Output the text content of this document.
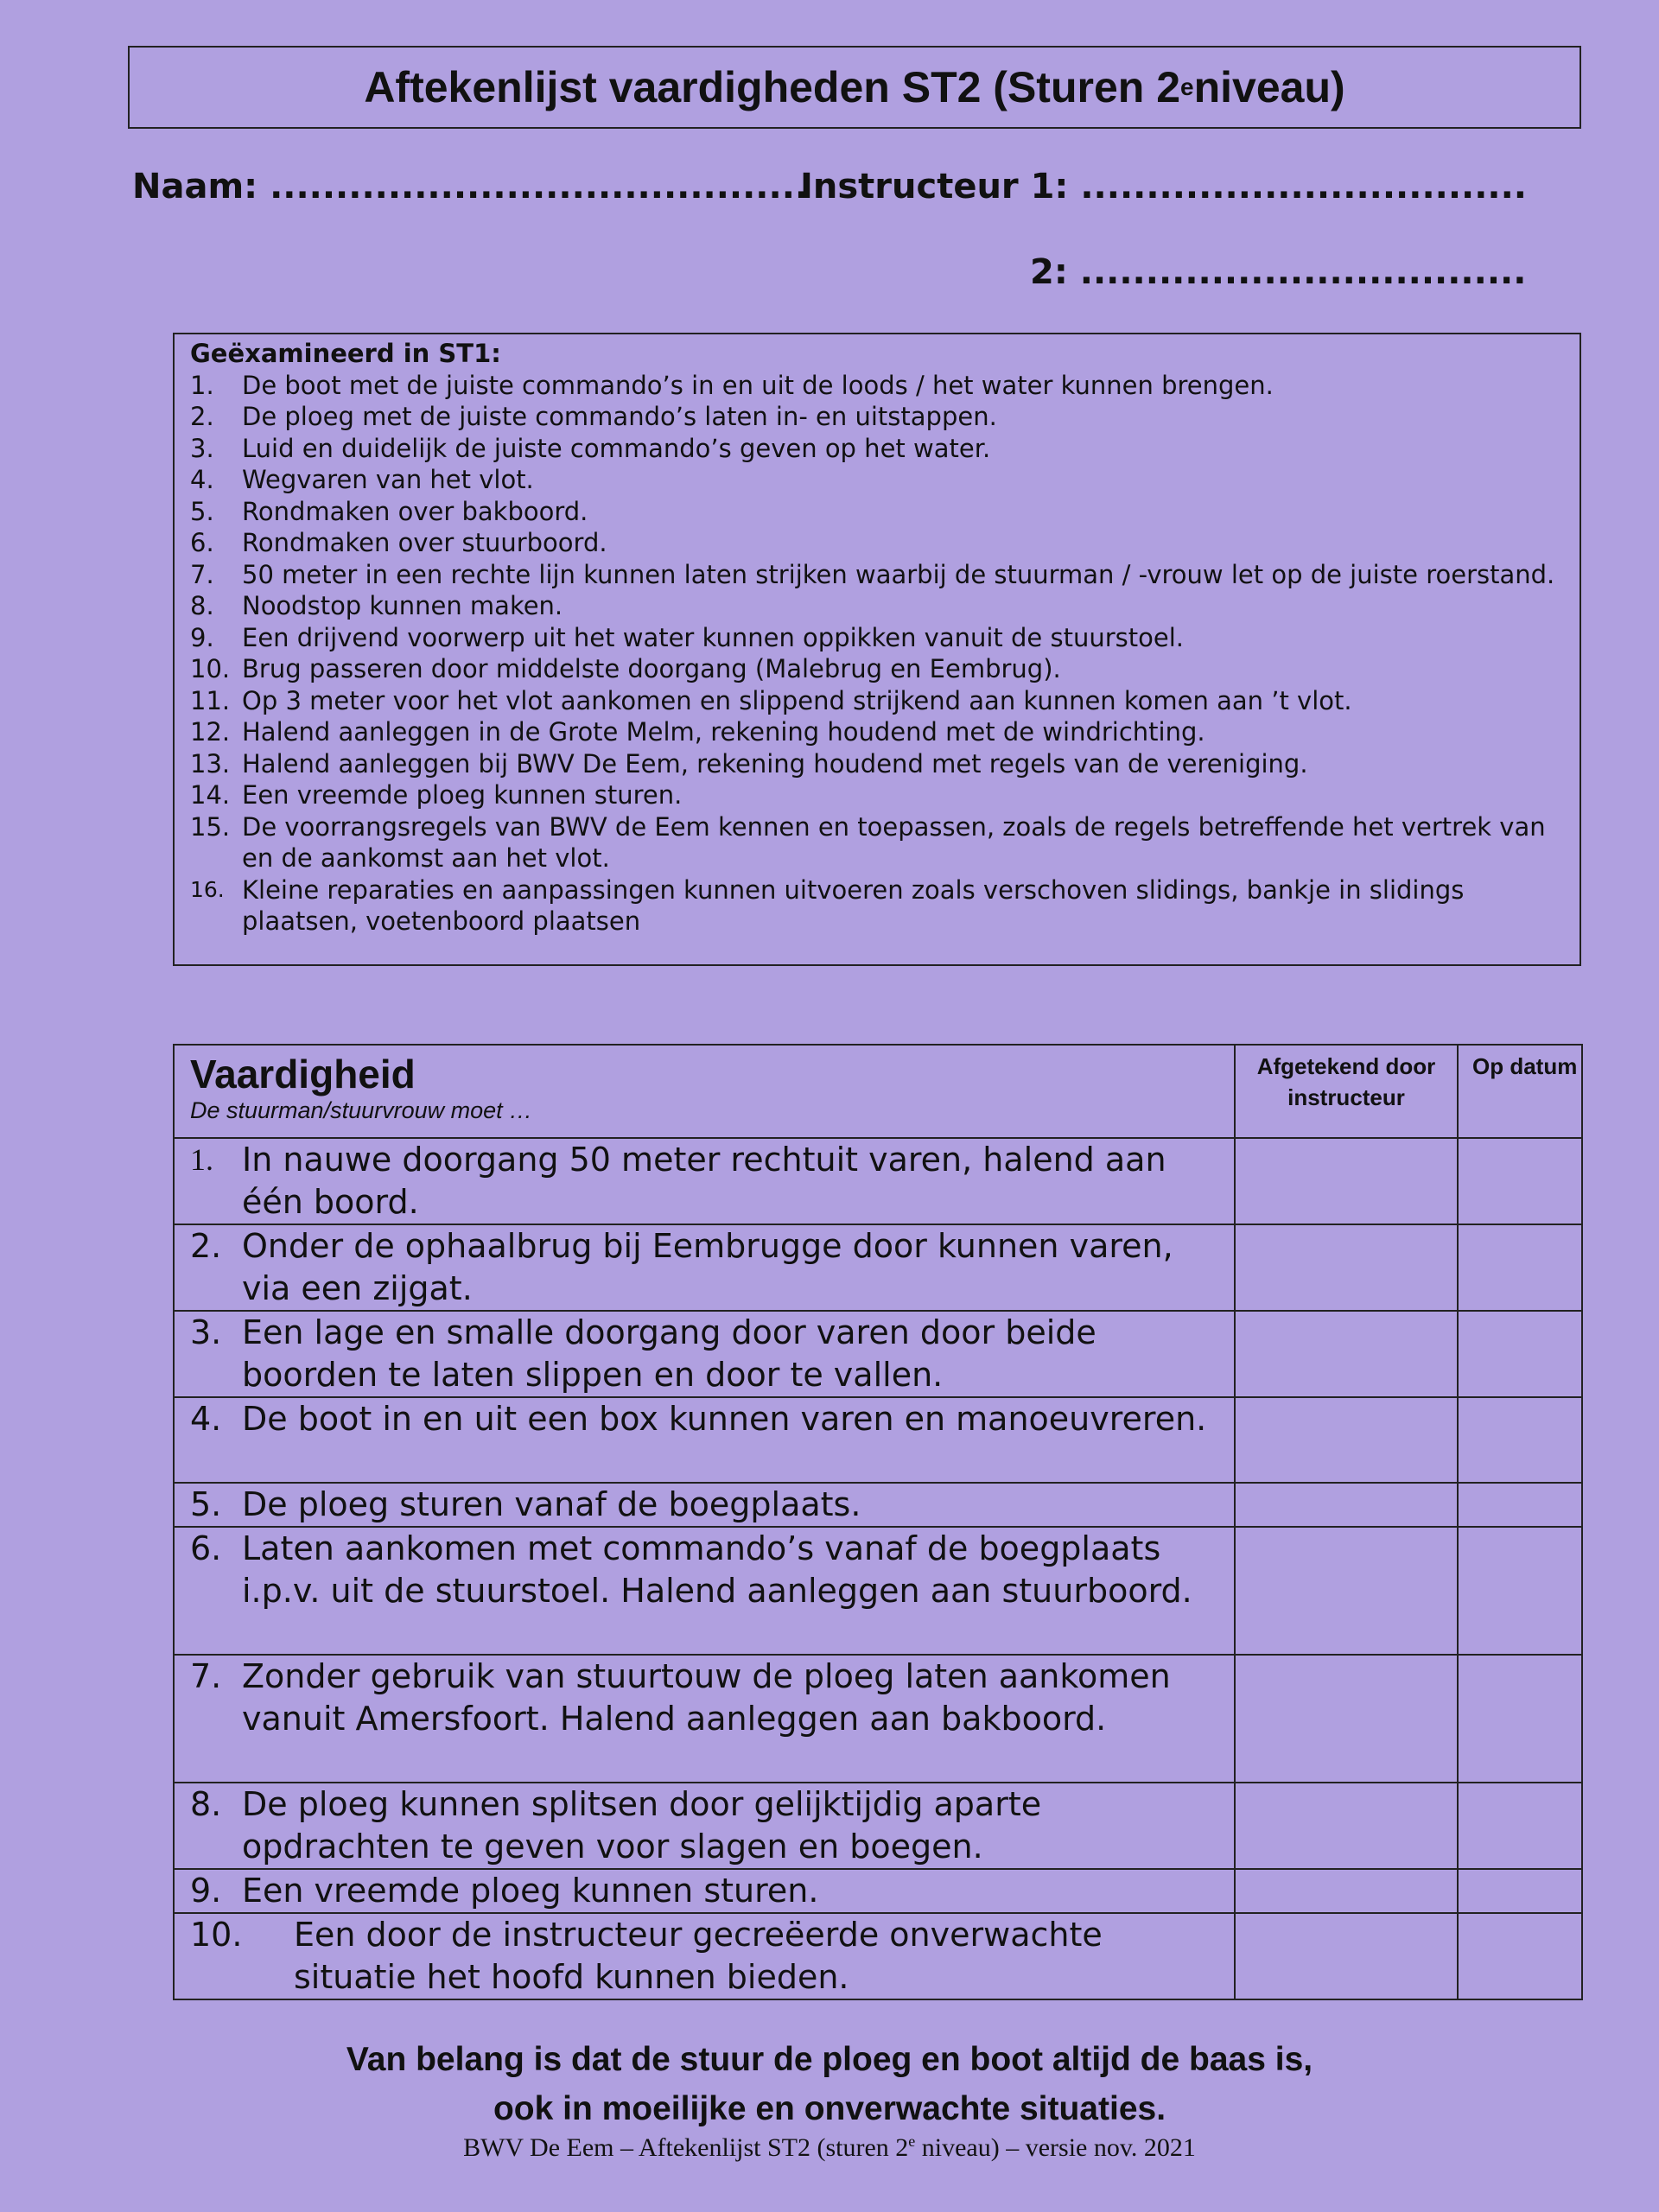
Aftekenlijst vaardigheden ST2 (Sturen 2 e niveau)
Naam: .........................................
Instructeur 1: ..................................
2: ..................................
Geëxamineerd in ST1:
1.	De boot met de juiste commando’s in en uit de loods / het water kunnen brengen.
2.	De ploeg met de juiste commando’s laten in- en uitstappen.
3.	Luid en duidelijk de juiste commando’s geven op het water.
4.	Wegvaren van het vlot.
5.	Rondmaken over bakboord.
6.	Rondmaken over stuurboord.
7.	50 meter in een rechte lijn kunnen laten strijken waarbij de stuurman / -vrouw let op de juiste roerstand.
8.	Noodstop kunnen maken.
9.	Een drijvend voorwerp uit het water kunnen oppikken vanuit de stuurstoel.
10. Brug passeren door middelste doorgang (Malebrug en Eembrug).
11. Op 3 meter voor het vlot aankomen en slippend strijkend aan kunnen komen aan ’t vlot.
12. Halend aanleggen in de Grote Melm, rekening houdend met de windrichting.
13. Halend aanleggen bij BWV De Eem, rekening houdend met regels van de vereniging.
14. Een vreemde ploeg kunnen sturen.
15. De voorrangsregels van BWV de Eem kennen en toepassen, zoals de regels betreffende het vertrek van en de aankomst aan het vlot.
16. Kleine reparaties en aanpassingen kunnen uitvoeren zoals verschoven slidings, bankje in slidings plaatsen, voetenboord plaatsen
Vaardigheid
De stuurman/stuurvrouw moet …	Afgetekend door instructeur	Op datum

1. In nauwe doorgang 50 meter rechtuit varen, halend aan één boord.		

2. Onder de ophaalbrug bij Eembrugge door kunnen varen, via een zijgat.		

3. Een lage en smalle doorgang door varen door beide boorden te laten slippen en door te vallen.		

4. De boot in en uit een box kunnen varen en manoeuvreren.		

5. De ploeg sturen vanaf de boegplaats.		

6. Laten aankomen met commando’s vanaf de boegplaats i.p.v. uit de stuurstoel. Halend aanleggen aan stuurboord.		

7. Zonder gebruik van stuurtouw de ploeg laten aankomen vanuit Amersfoort. Halend aanleggen aan bakboord.		

8. De ploeg kunnen splitsen door gelijktijdig aparte opdrachten te geven voor slagen en boegen.		

9. Een vreemde ploeg kunnen sturen.		

10. Een door de instructeur gecreëerde onverwachte situatie het hoofd kunnen bieden.		

Van belang is dat de stuur de ploeg en boot altijd de baas is,
ook in moeilijke en onverwachte situaties.
BWV De Eem – Aftekenlijst ST2 (sturen 2e niveau) – versie nov. 2021
